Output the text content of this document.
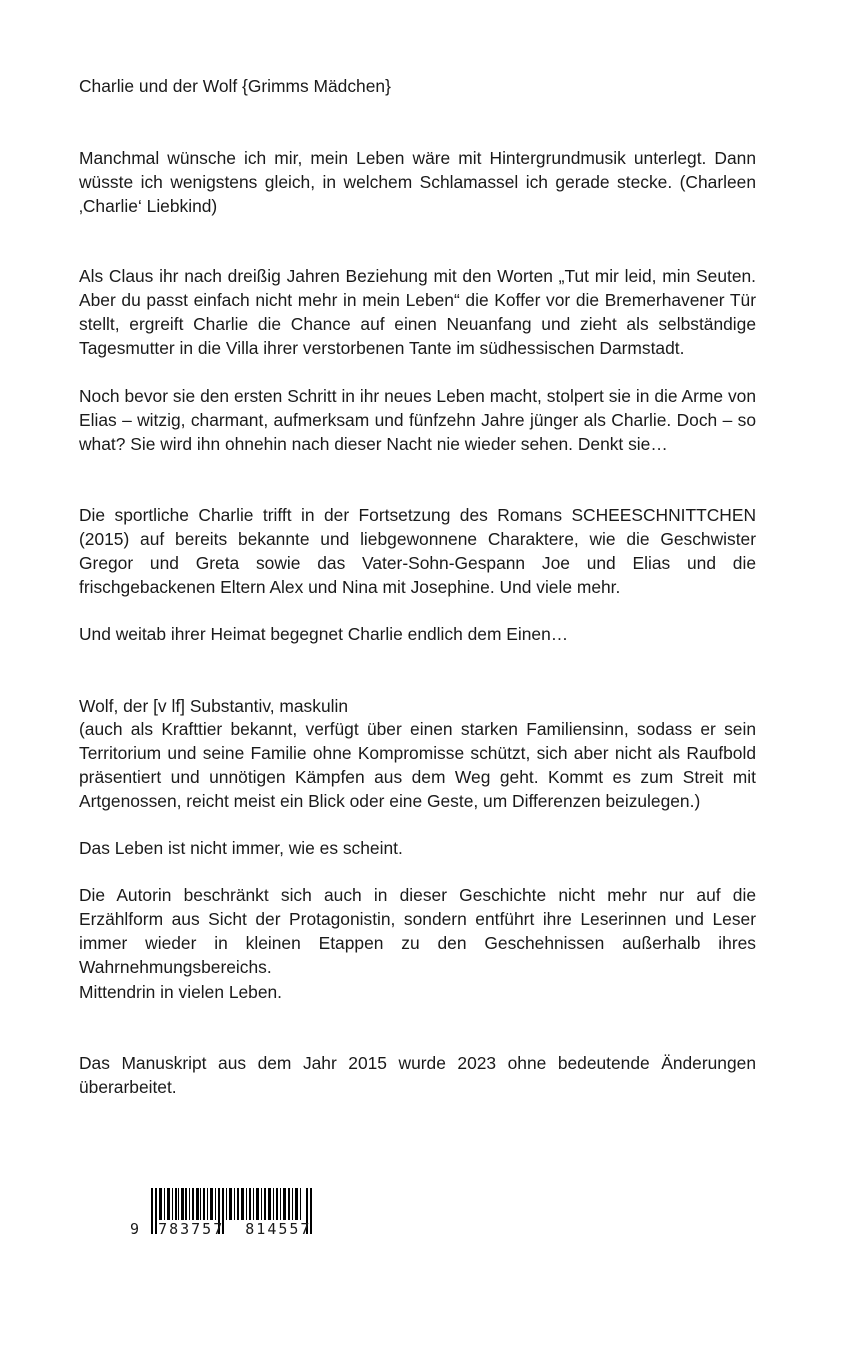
Charlie und der Wolf {Grimms Mädchen}

Manchmal wünsche ich mir, mein Leben wäre mit Hintergrundmusik unterlegt. Dann wüsste ich wenigstens gleich, in welchem Schlamassel ich gerade stecke. (Charleen ‚Charlie‘ Liebkind)

Als Claus ihr nach dreißig Jahren Beziehung mit den Worten „Tut mir leid, min Seuten. Aber du passt einfach nicht mehr in mein Leben“ die Koffer vor die Bremerhavener Tür stellt, ergreift Charlie die Chance auf einen Neuanfang und zieht als selbständige Tagesmutter in die Villa ihrer verstorbenen Tante im südhessischen Darmstadt.

Noch bevor sie den ersten Schritt in ihr neues Leben macht, stolpert sie in die Arme von Elias – witzig, charmant, aufmerksam und fünfzehn Jahre jünger als Charlie. Doch – so what? Sie wird ihn ohnehin nach dieser Nacht nie wieder sehen. Denkt sie…

Die sportliche Charlie trifft in der Fortsetzung des Romans SCHEESCHNITTCHEN (2015) auf bereits bekannte und liebgewonnene Charaktere, wie die Geschwister Gregor und Greta sowie das Vater-Sohn-Gespann Joe und Elias und die frischgebackenen Eltern Alex und Nina mit Josephine. Und viele mehr.

Und weitab ihrer Heimat begegnet Charlie endlich dem Einen…

Wolf, der [v lf] Substantiv, maskulin

(auch als Krafttier bekannt, verfügt über einen starken Familiensinn, sodass er sein Territorium und seine Familie ohne Kompromisse schützt, sich aber nicht als Raufbold präsentiert und unnötigen Kämpfen aus dem Weg geht. Kommt es zum Streit mit Artgenossen, reicht meist ein Blick oder eine Geste, um Differenzen beizulegen.)

Das Leben ist nicht immer, wie es scheint.

Die Autorin beschränkt sich auch in dieser Geschichte nicht mehr nur auf die Erzählform aus Sicht der Protagonistin, sondern entführt ihre Leserinnen und Leser immer wieder in kleinen Etappen zu den Geschehnissen außerhalb ihres Wahrnehmungsbereichs.

Mittendrin in vielen Leben.

Das Manuskript aus dem Jahr 2015 wurde 2023 ohne bedeutende Änderungen überarbeitet.

9 783757 814557
